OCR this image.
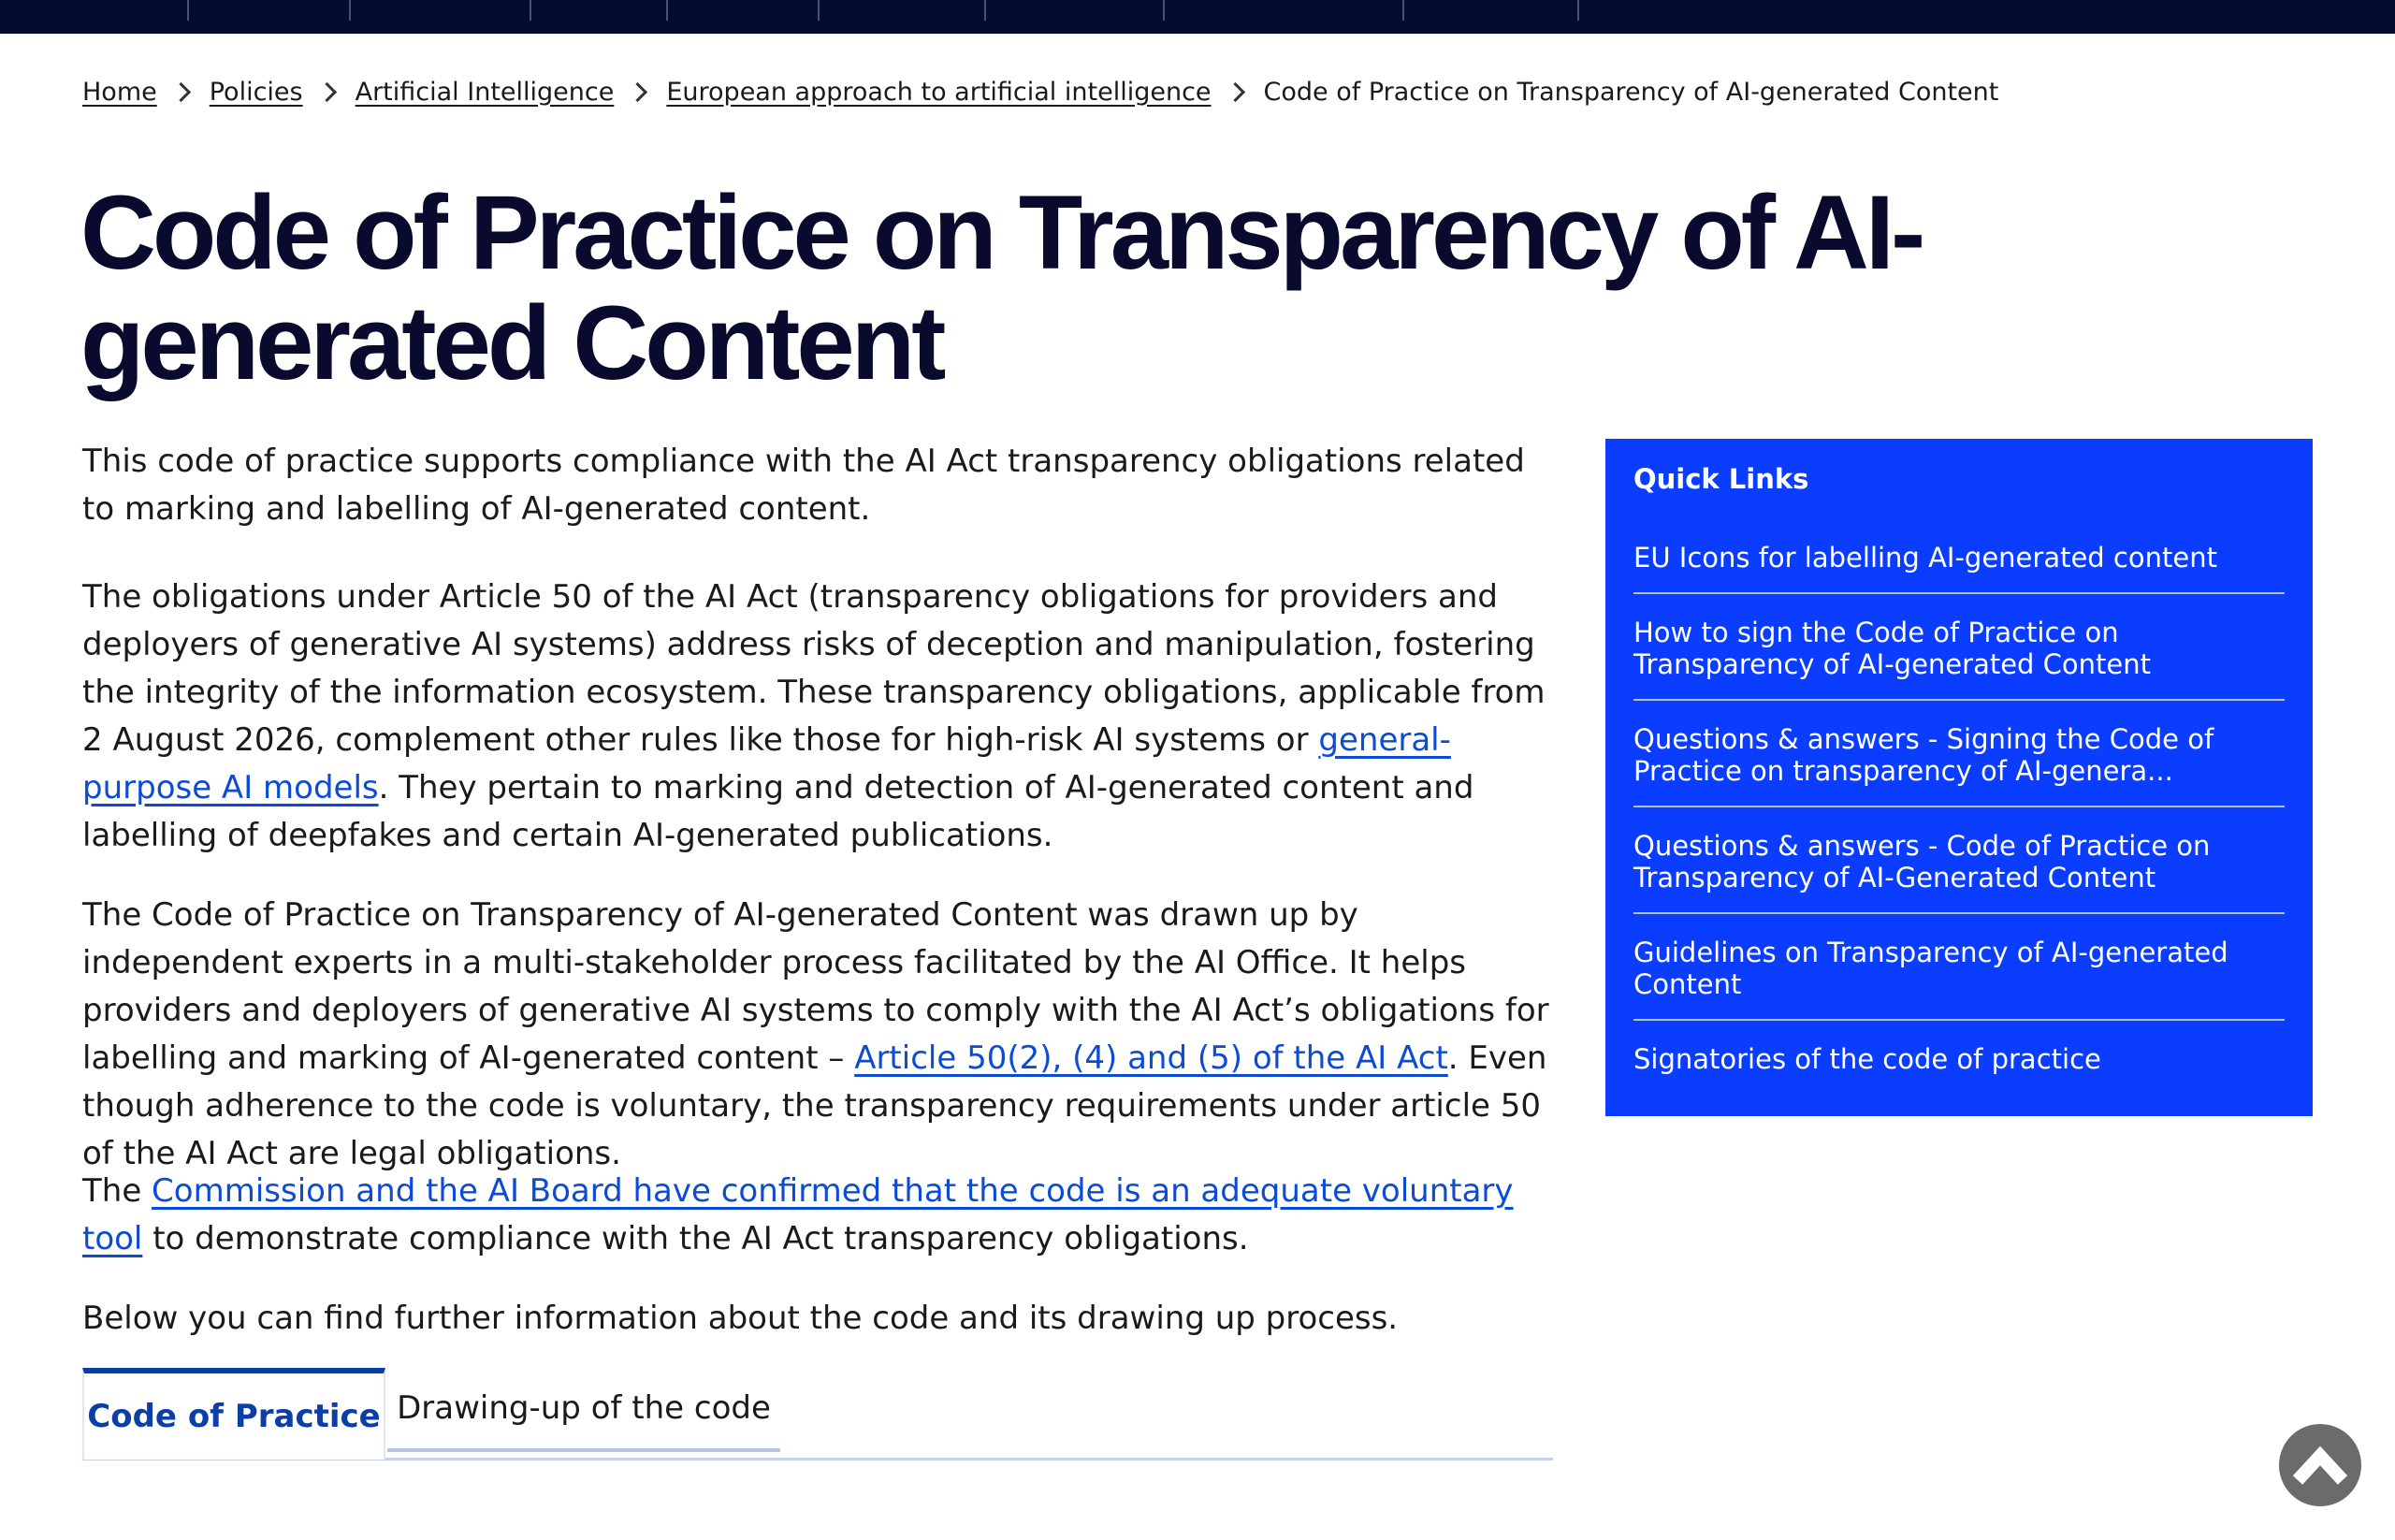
Home Policies Artificial Intelligence European approach to artificial intelligence Code of Practice on Transparency of AI-generated Content
Code of Practice on Transparency of AI-
generated Content

This code of practice supports compliance with the AI Act transparency obligations related to marking and labelling of AI-generated content.

The obligations under Article 50 of the AI Act (transparency obligations for providers and deployers of generative AI systems) address risks of deception and manipulation, fostering the integrity of the information ecosystem. These transparency obligations, applicable from 2 August 2026, complement other rules like those for high-risk AI systems or general-purpose AI models. They pertain to marking and detection of AI-generated content and labelling of deepfakes and certain AI-generated publications.

The Code of Practice on Transparency of AI-generated Content was drawn up by independent experts in a multi-stakeholder process facilitated by the AI Office. It helps providers and deployers of generative AI systems to comply with the AI Act’s obligations for labelling and marking of AI-generated content – Article 50(2), (4) and (5) of the AI Act. Even though adherence to the code is voluntary, the transparency requirements under article 50 of the AI Act are legal obligations.

The Commission and the AI Board have confirmed that the code is an adequate voluntary tool to demonstrate compliance with the AI Act transparency obligations.

Below you can find further information about the code and its drawing up process.

Quick Links
EU Icons for labelling AI-generated content
How to sign the Code of Practice on Transparency of AI-generated Content
Questions & answers - Signing the Code of Practice on transparency of AI-genera...
Questions & answers - Code of Practice on Transparency of AI-Generated Content
Guidelines on Transparency of AI-generated Content
Signatories of the code of practice
Code of Practice Drawing-up of the code
